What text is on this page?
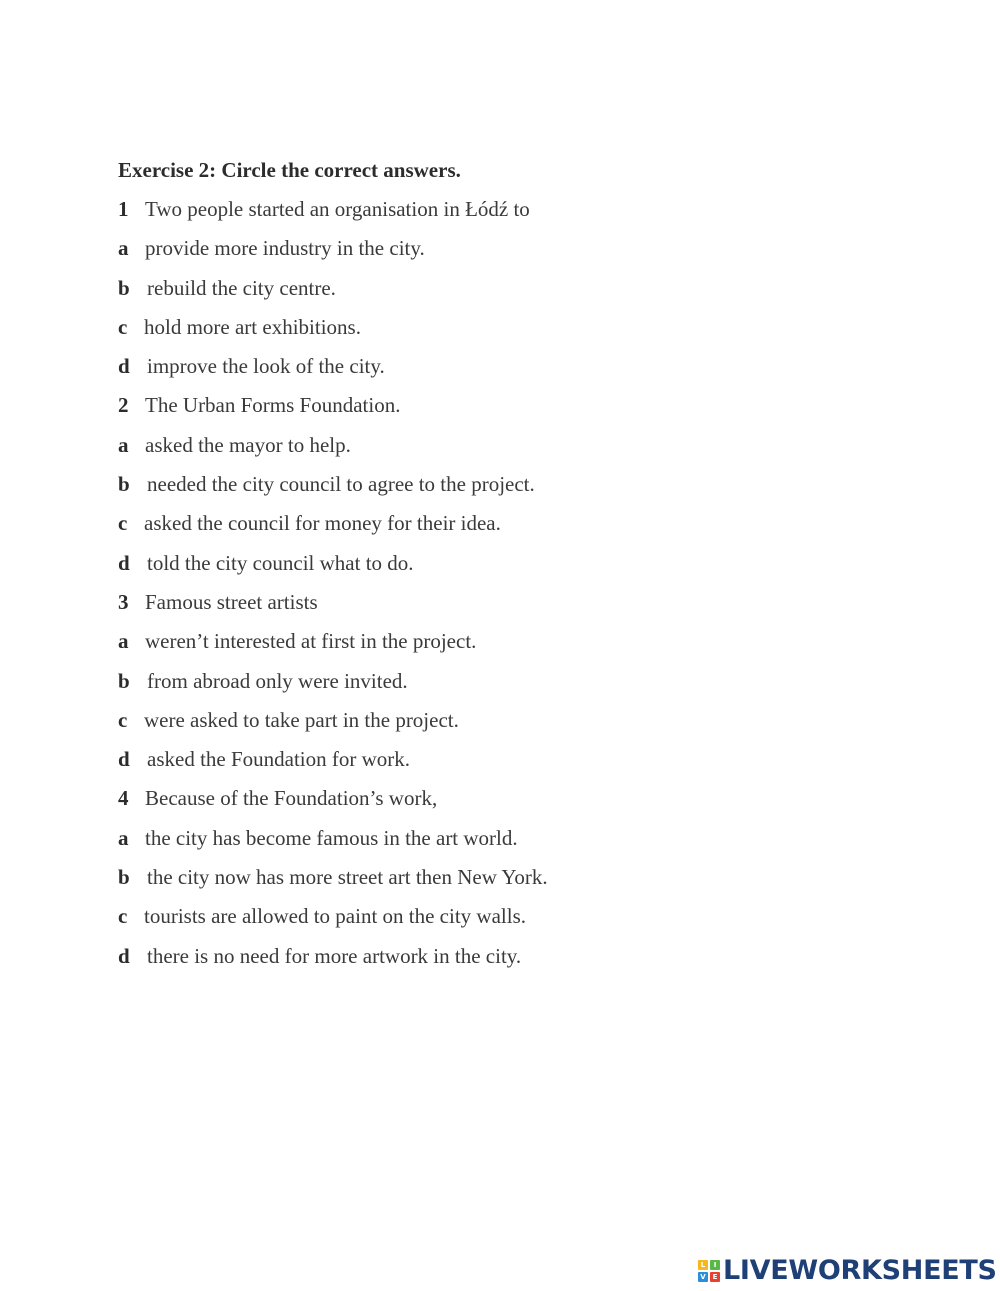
Exercise 2: Circle the correct answers.
1 Two people started an organisation in Łódź to
a provide more industry in the city.
b rebuild the city centre.
c hold more art exhibitions.
d improve the look of the city.
2 The Urban Forms Foundation.
a asked the mayor to help.
b needed the city council to agree to the project.
c asked the council for money for their idea.
d told the city council what to do.
3 Famous street artists
a weren’t interested at first in the project.
b from abroad only were invited.
c were asked to take part in the project.
d asked the Foundation for work.
4 Because of the Foundation’s work,
a the city has become famous in the art world.
b the city now has more street art then New York.
c tourists are allowed to paint on the city walls.
d there is no need for more artwork in the city.
L	I
V E LIVEWORKSHEETS
